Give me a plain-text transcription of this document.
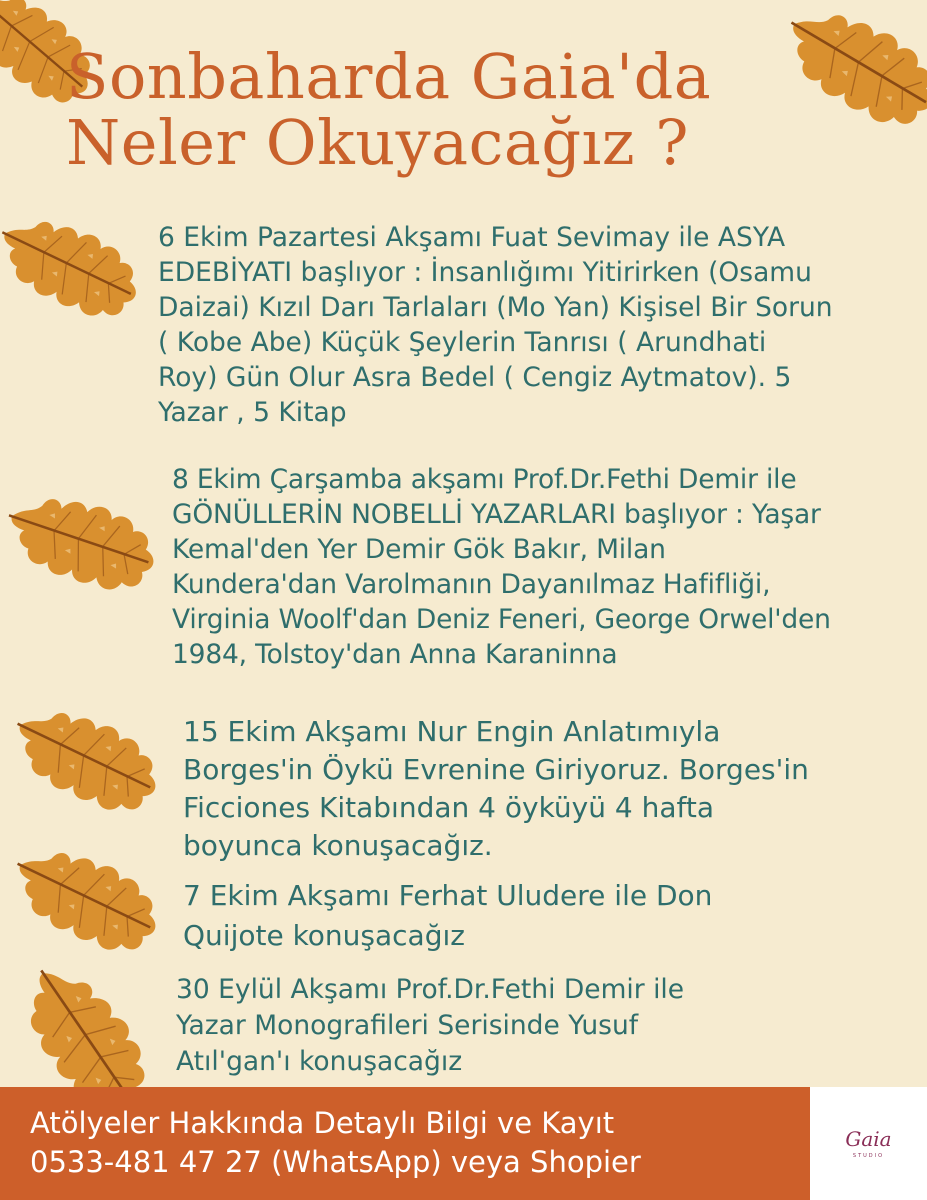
Sonbaharda Gaia'da
Neler Okuyacağız ?
6 Ekim Pazartesi Akşamı Fuat Sevimay ile ASYA
EDEBİYATI başlıyor : İnsanlığımı Yitirirken (Osamu
Daizai) Kızıl Darı Tarlaları (Mo Yan) Kişisel Bir Sorun
( Kobe Abe) Küçük Şeylerin Tanrısı ( Arundhati
Roy) Gün Olur Asra Bedel ( Cengiz Aytmatov). 5
Yazar , 5 Kitap
8 Ekim Çarşamba akşamı Prof.Dr.Fethi Demir ile
GÖNÜLLERİN NOBELLİ YAZARLARI başlıyor : Yaşar
Kemal'den Yer Demir Gök Bakır, Milan
Kundera'dan Varolmanın Dayanılmaz Hafifliği,
Virginia Woolf'dan Deniz Feneri, George Orwel'den
1984, Tolstoy'dan Anna Karaninna
15 Ekim Akşamı Nur Engin Anlatımıyla
Borges'in Öykü Evrenine Giriyoruz. Borges'in
Ficciones Kitabından 4 öyküyü 4 hafta
boyunca konuşacağız.
7 Ekim Akşamı Ferhat Uludere ile Don
Quijote konuşacağız
30 Eylül Akşamı Prof.Dr.Fethi Demir ile
Yazar Monografileri Serisinde Yusuf
Atıl'gan'ı konuşacağız
Atölyeler Hakkında Detaylı Bilgi ve Kayıt
0533-481 47 27 (WhatsApp) veya Shopier
Gaia
STUDIO
